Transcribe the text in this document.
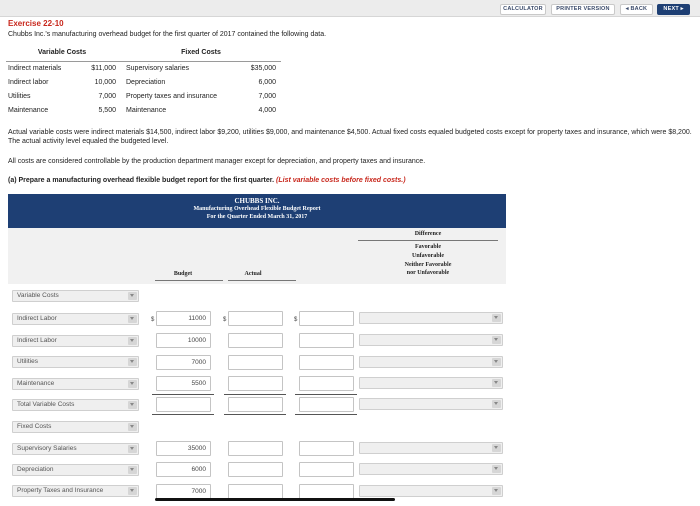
CALCULATOR	PRINTER VERSION	◂ BACK	NEXT ▸
Exercise 22-10
Chubbs Inc.'s manufacturing overhead budget for the first quarter of 2017 contained the following data.
Variable Costs	Fixed Costs
Indirect materials	$11,000 Supervisory salaries	$35,000
Indirect labor	10,000 Depreciation	6,000
Utilities	7,000 Property taxes and insurance	7,000
Maintenance	5,500 Maintenance	4,000
Actual variable costs were indirect materials $14,500, indirect labor $9,200, utilities $9,000, and maintenance $4,500. Actual fixed costs equaled budgeted costs except for property taxes and insurance, which were $8,200. The actual activity level equaled the budgeted level.
All costs are considered controllable by the production department manager except for depreciation, and property taxes and insurance.
(a) Prepare a manufacturing overhead flexible budget report for the first quarter. (List variable costs before fixed costs.)
CHUBBS INC.
Manufacturing Overhead Flexible Budget Report
For the Quarter Ended March 31, 2017
Difference
Favorable
Unfavorable
Neither Favorable
nor Unfavorable
Budget	Actual
Variable Costs
Indirect Labor	$	11000	$	$
Indirect Labor	10000
Utilities	7000
Maintenance	5500
Total Variable Costs
Fixed Costs
Supervisory Salaries	35000
Depreciation	6000
Property Taxes and Insurance	7000
